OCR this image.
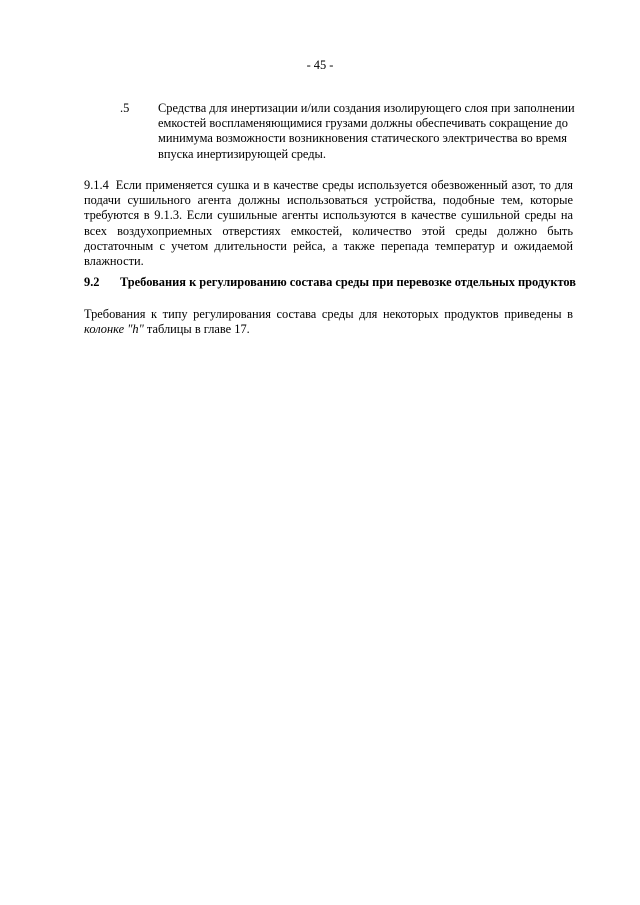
- 45 -
.5 Средства для инертизации и/или создания изолирующего слоя при заполнении емкостей воспламеняющимися грузами должны обеспечивать сокращение до минимума возможности возникновения статического электричества во время впуска инертизирующей среды.
9.1.4 Если применяется сушка и в качестве среды используется обезвоженный азот, то для подачи сушильного агента должны использоваться устройства, подобные тем, которые требуются в 9.1.3. Если сушильные агенты используются в качестве сушильной среды на всех воздухоприемных отверстиях емкостей, количество этой среды должно быть достаточным с учетом длительности рейса, а также перепада температур и ожидаемой влажности.
9.2 Требования к регулированию состава среды при перевозке отдельных продуктов
Требования к типу регулирования состава среды для некоторых продуктов приведены в колонке "h" таблицы в главе 17.
